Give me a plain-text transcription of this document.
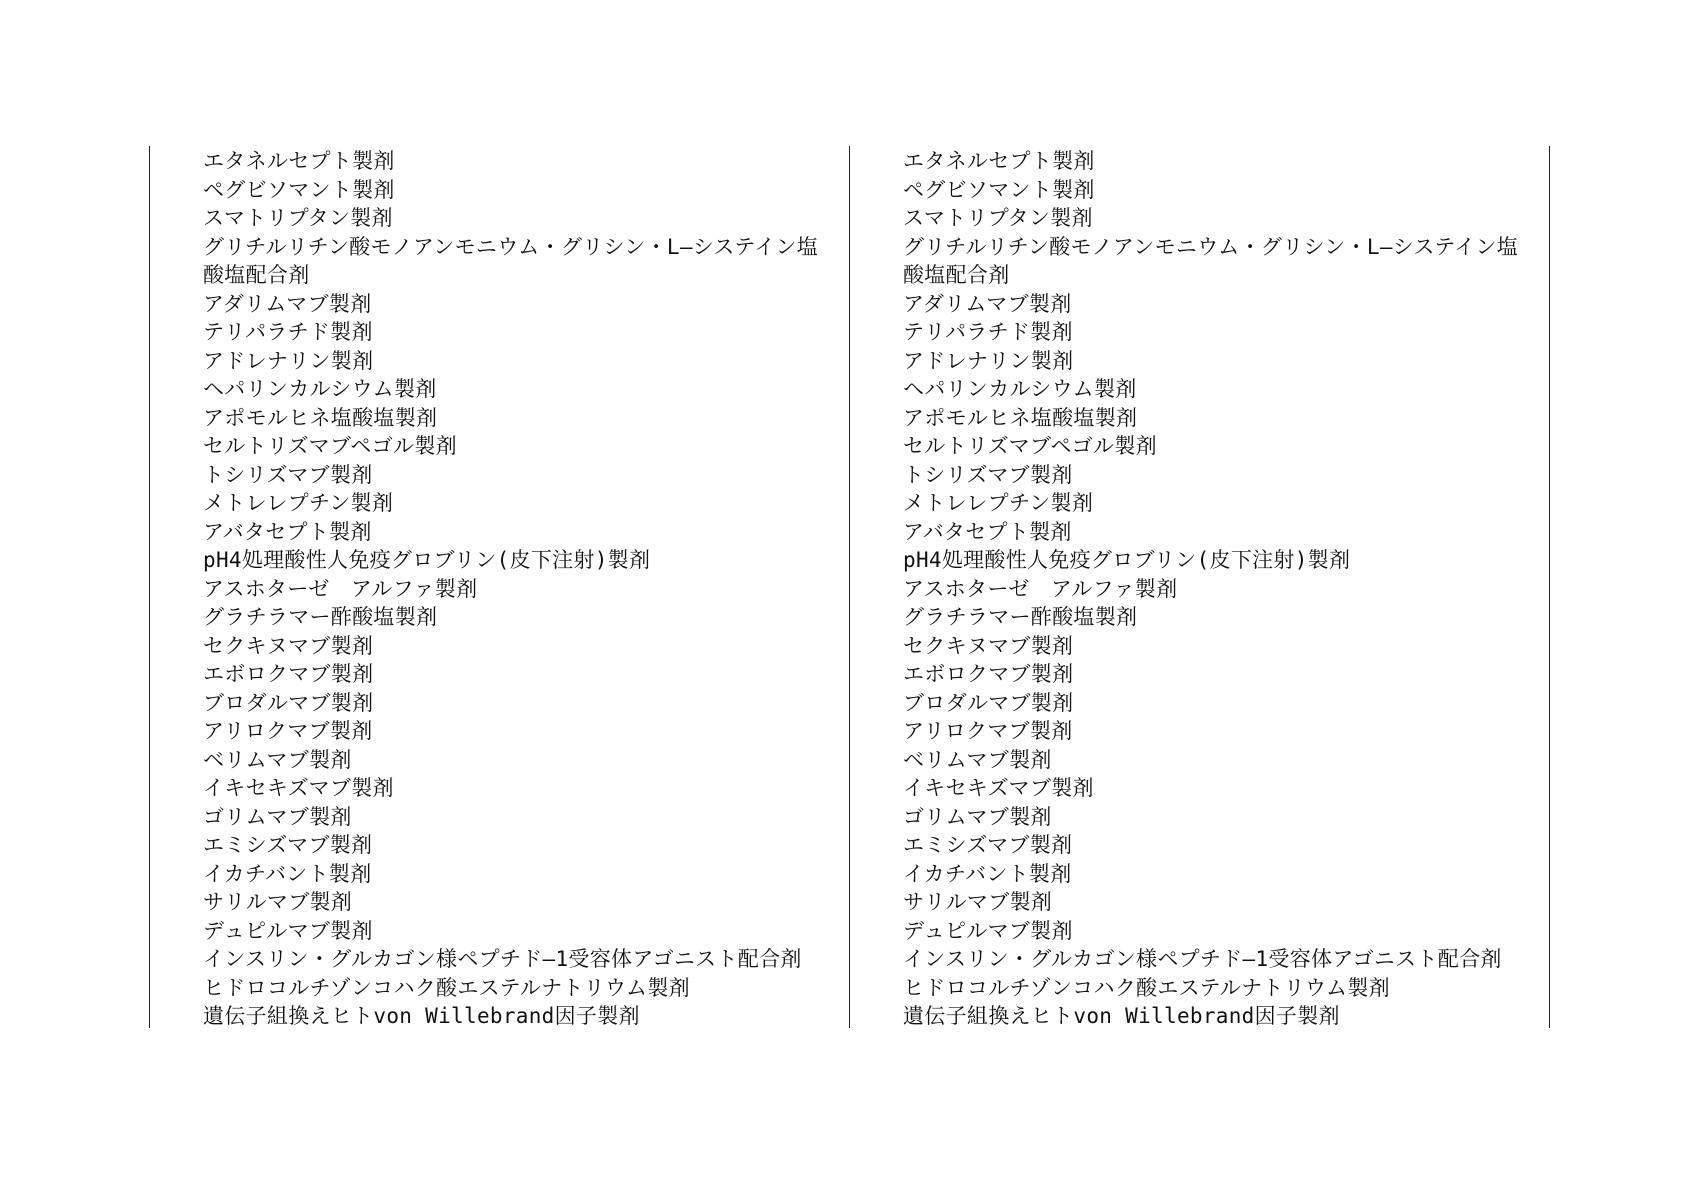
エタネルセプト製剤
ペグビソマント製剤
スマトリプタン製剤
グリチルリチン酸モノアンモニウム・グリシン・L―システイン塩
酸塩配合剤
アダリムマブ製剤
テリパラチド製剤
アドレナリン製剤
ヘパリンカルシウム製剤
アポモルヒネ塩酸塩製剤
セルトリズマブペゴル製剤
トシリズマブ製剤
メトレレプチン製剤
アバタセプト製剤
pH4処理酸性人免疫グロブリン(皮下注射)製剤
アスホターゼ　アルファ製剤
グラチラマー酢酸塩製剤
セクキヌマブ製剤
エボロクマブ製剤
ブロダルマブ製剤
アリロクマブ製剤
ベリムマブ製剤
イキセキズマブ製剤
ゴリムマブ製剤
エミシズマブ製剤
イカチバント製剤
サリルマブ製剤
デュピルマブ製剤
インスリン・グルカゴン様ペプチド―1受容体アゴニスト配合剤
ヒドロコルチゾンコハク酸エステルナトリウム製剤
遺伝子組換えヒトvon Willebrand因子製剤
エタネルセプト製剤
ペグビソマント製剤
スマトリプタン製剤
グリチルリチン酸モノアンモニウム・グリシン・L―システイン塩
酸塩配合剤
アダリムマブ製剤
テリパラチド製剤
アドレナリン製剤
ヘパリンカルシウム製剤
アポモルヒネ塩酸塩製剤
セルトリズマブペゴル製剤
トシリズマブ製剤
メトレレプチン製剤
アバタセプト製剤
pH4処理酸性人免疫グロブリン(皮下注射)製剤
アスホターゼ　アルファ製剤
グラチラマー酢酸塩製剤
セクキヌマブ製剤
エボロクマブ製剤
ブロダルマブ製剤
アリロクマブ製剤
ベリムマブ製剤
イキセキズマブ製剤
ゴリムマブ製剤
エミシズマブ製剤
イカチバント製剤
サリルマブ製剤
デュピルマブ製剤
インスリン・グルカゴン様ペプチド―1受容体アゴニスト配合剤
ヒドロコルチゾンコハク酸エステルナトリウム製剤
遺伝子組換えヒトvon Willebrand因子製剤
